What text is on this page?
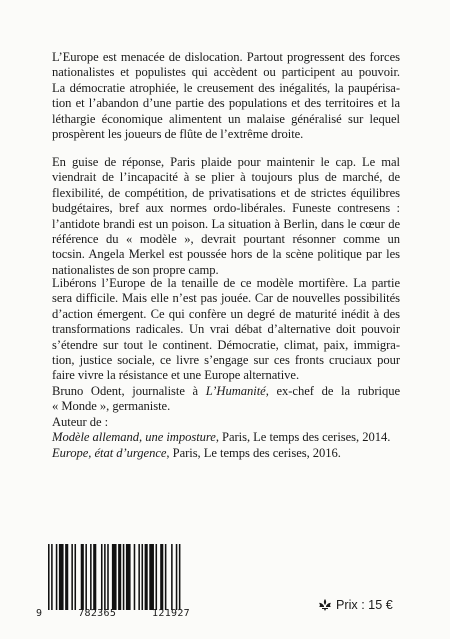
L’Europe est menacée de dislocation. Partout progressent des forces
nationalistes et populistes qui accèdent ou participent au pouvoir.
La démocratie atrophiée, le creusement des inégalités, la paupérisa-
tion et l’abandon d’une partie des populations et des territoires et la
léthargie économique alimentent un malaise généralisé sur lequel
prospèrent les joueurs de flûte de l’extrême droite.
En guise de réponse, Paris plaide pour maintenir le cap. Le mal
viendrait de l’incapacité à se plier à toujours plus de marché, de
flexibilité, de compétition, de privatisations et de strictes équilibres
budgétaires, bref aux normes ordo-libérales. Funeste contresens :
l’antidote brandi est un poison. La situation à Berlin, dans le cœur de
référence du « modèle », devrait pourtant résonner comme un
tocsin. Angela Merkel est poussée hors de la scène politique par les
nationalistes de son propre camp.
Libérons l’Europe de la tenaille de ce modèle mortifère. La partie
sera difficile. Mais elle n’est pas jouée. Car de nouvelles possibilités
d’action émergent. Ce qui confère un degré de maturité inédit à des
transformations radicales. Un vrai débat d’alternative doit pouvoir
s’étendre sur tout le continent. Démocratie, climat, paix, immigra-
tion, justice sociale, ce livre s’engage sur ces fronts cruciaux pour
faire vivre la résistance et une Europe alternative.
Bruno Odent, journaliste à L’Humanité, ex-chef de la rubrique
« Monde », germaniste.
Auteur de :
Modèle allemand, une imposture, Paris, Le temps des cerises, 2014.
Europe, état d’urgence, Paris, Le temps des cerises, 2016.
9	782365	121927
Prix : 15 €
